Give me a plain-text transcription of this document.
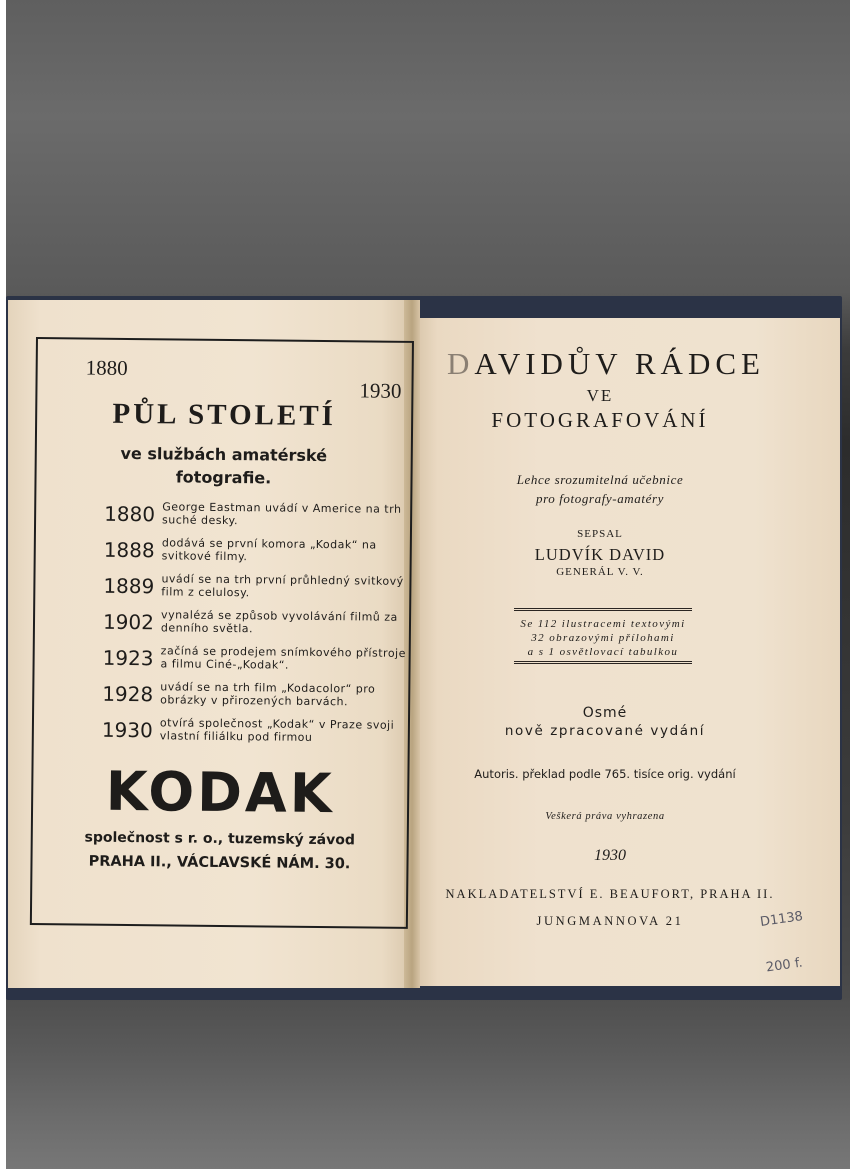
1880
1930
PŮL STOLETÍ
ve službách amatérské
fotografie.
1880 George Eastman uvádí v Americe na trh suché desky.
1888 dodává se první komora „Kodak“ na svitkové filmy.
1889 uvádí se na trh první průhledný svitkový film z celulosy.
1902 vynalézá se způsob vyvolávání filmů za denního světla.
1923 začíná se prodejem snímkového přístroje a filmu Ciné-„Kodak“.
1928 uvádí se na trh film „Kodacolor“ pro obrázky v přirozených barvách.
1930 otvírá společnost „Kodak“ v Praze svoji vlastní filiálku pod firmou
KODAK
společnost s r. o., tuzemský závod
PRAHA II., VÁCLAVSKÉ NÁM. 30.
DAVIDŮV RÁDCE
VE
FOTOGRAFOVÁNÍ
Lehce srozumitelná učebnice
pro fotografy-amatéry
SEPSAL
LUDVÍK DAVID
GENERÁL V. V.
Se 112 ilustracemi textovými
32 obrazovými přílohami
a s 1 osvětlovací tabulkou
Osmé
nově zpracované vydání
Autoris. překlad podle 765. tisíce orig. vydání
Veškerá práva vyhrazena
1930
NAKLADATELSTVÍ E. BEAUFORT, PRAHA II.
JUNGMANNOVA 21	D1138
200 f.
